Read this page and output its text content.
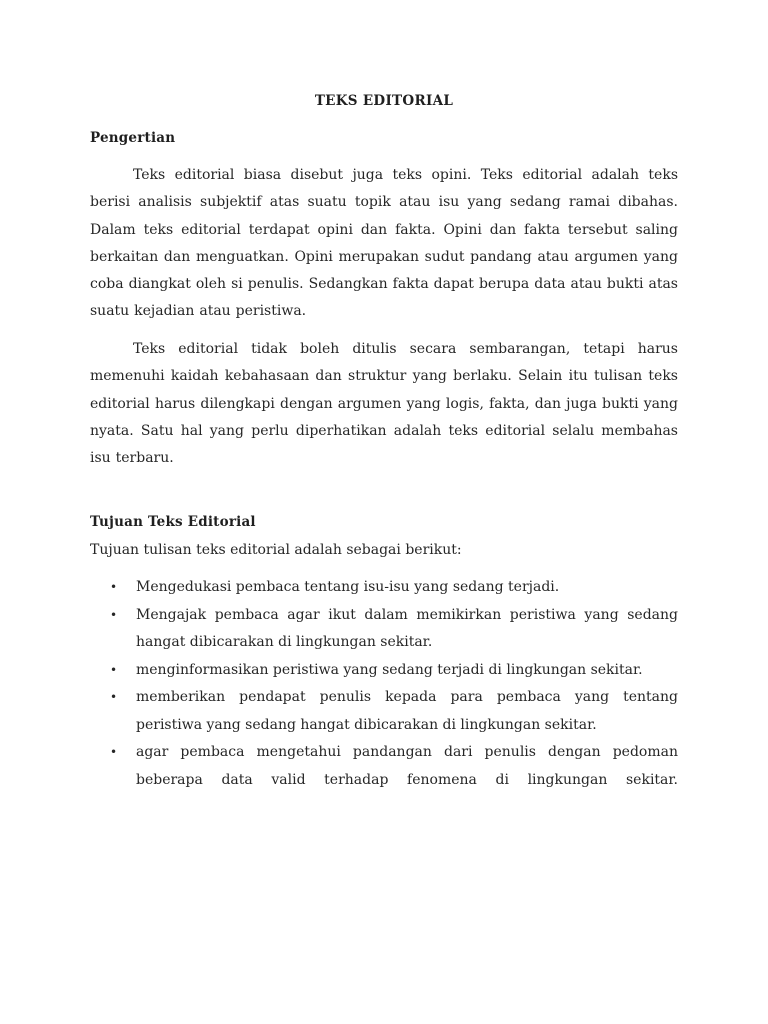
TEKS EDITORIAL
Pengertian

Teks editorial biasa disebut juga teks opini. Teks editorial adalah teks berisi analisis subjektif atas suatu topik atau isu yang sedang ramai dibahas. Dalam teks editorial terdapat opini dan fakta. Opini dan fakta tersebut saling berkaitan dan menguatkan. Opini merupakan sudut pandang atau argumen yang coba diangkat oleh si penulis. Sedangkan fakta dapat berupa data atau bukti atas suatu kejadian atau peristiwa.

Teks editorial tidak boleh ditulis secara sembarangan, tetapi harus memenuhi kaidah kebahasaan dan struktur yang berlaku. Selain itu tulisan teks editorial harus dilengkapi dengan argumen yang logis, fakta, dan juga bukti yang nyata. Satu hal yang perlu diperhatikan adalah teks editorial selalu membahas isu terbaru.

Tujuan Teks Editorial

Tujuan tulisan teks editorial adalah sebagai berikut:

• Mengedukasi pembaca tentang isu-isu yang sedang terjadi.
• Mengajak pembaca agar ikut dalam memikirkan peristiwa yang sedang hangat dibicarakan di lingkungan sekitar.
• menginformasikan peristiwa yang sedang terjadi di lingkungan sekitar.
• memberikan pendapat penulis kepada para pembaca yang tentang peristiwa yang sedang hangat dibicarakan di lingkungan sekitar.
• agar pembaca mengetahui pandangan dari penulis dengan pedoman beberapa data valid terhadap fenomena di lingkungan sekitar.
